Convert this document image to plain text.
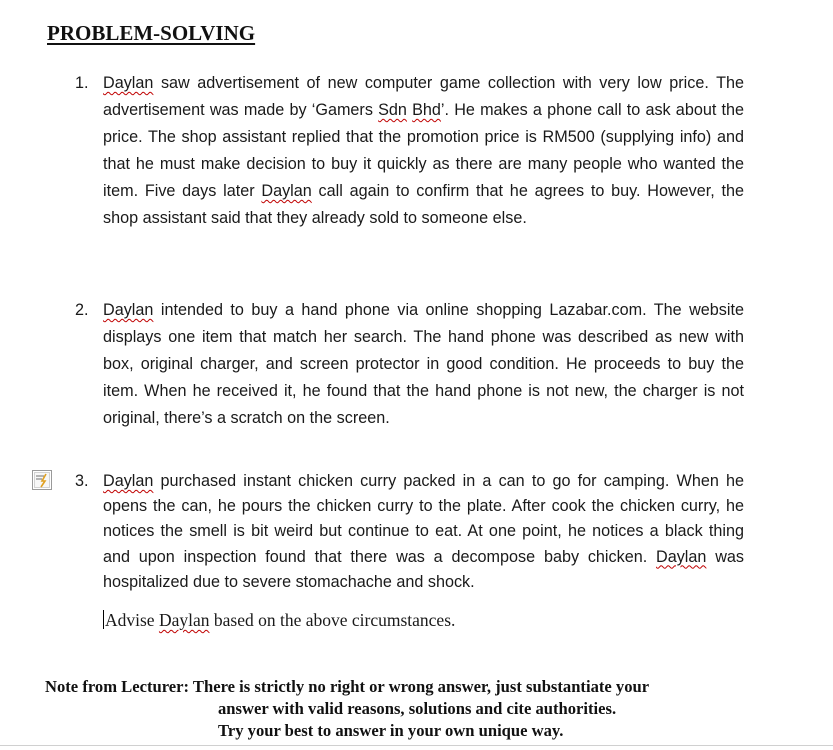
PROBLEM-SOLVING
1. Daylan saw advertisement of new computer game collection with very low price. The advertisement was made by ‘Gamers Sdn Bhd’. He makes a phone call to ask about the price. The shop assistant replied that the promotion price is RM500 (supplying info) and that he must make decision to buy it quickly as there are many people who wanted the item. Five days later Daylan call again to confirm that he agrees to buy. However, the shop assistant said that they already sold to someone else.
2. Daylan intended to buy a hand phone via online shopping Lazabar.com. The website displays one item that match her search. The hand phone was described as new with box, original charger, and screen protector in good condition. He proceeds to buy the item. When he received it, he found that the hand phone is not new, the charger is not original, there’s a scratch on the screen.
3. Daylan purchased instant chicken curry packed in a can to go for camping. When he opens the can, he pours the chicken curry to the plate. After cook the chicken curry, he notices the smell is bit weird but continue to eat. At one point, he notices a black thing and upon inspection found that there was a decompose baby chicken. Daylan was hospitalized due to severe stomachache and shock.
Advise Daylan based on the above circumstances.
Note from Lecturer: There is strictly no right or wrong answer, just substantiate your
answer with valid reasons, solutions and cite authorities.
Try your best to answer in your own unique way.
